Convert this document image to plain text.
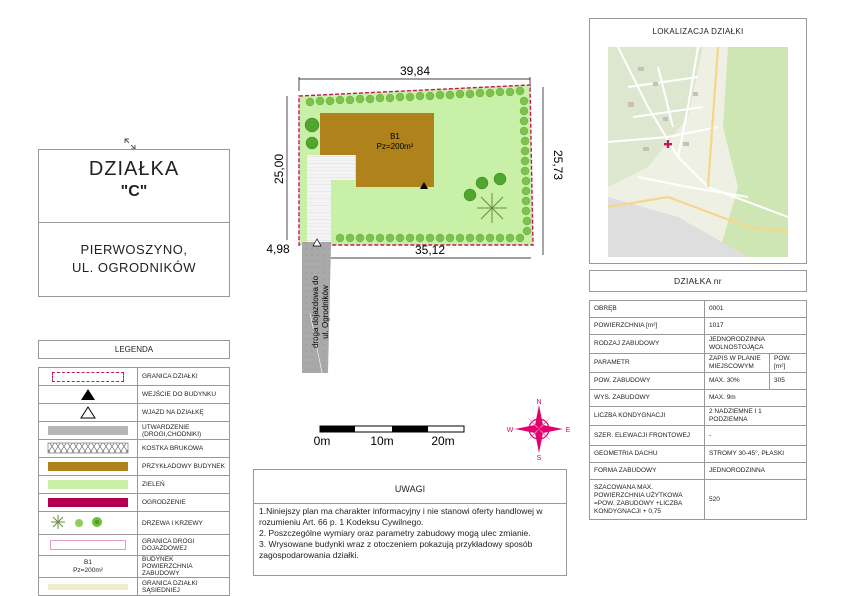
DZIAŁKA
"C"
PIERWOSZYNO,
UL. OGRODNIKÓW
LEGENDA
	GRANICA DZIAŁKI
	WEJŚCIE DO BUDYNKU
	WJAZD NA DZIAŁKĘ

	UTWARDZENIE (DROGI,CHODNIKI)
	KOSTKA BRUKOWA

	PRZYKŁADOWY BUDYNEK

	ZIELEŃ

	OGRODZENIE
	DRZEWA I KRZEWY

	GRANICA DROGI DOJAZDOWEJ

B1
Pz=200m²	BUDYNEK POWIERZCHNIA ZABUDOWY

	GRANICA DZIAŁKI SĄSIEDNIEJ
B1
Pz=200m²
39,84
25,00	25,73
35,12
4,98
droga dojazdowa do ul. Ogrodników
0m	10m	20m
N
S
E
W
UWAGI

1.Niniejszy plan ma charakter informacyjny i nie stanowi oferty handlowej w rozumieniu Art. 66 p. 1 Kodeksu Cywilnego.

2. Poszczególne wymiary oraz parametry zabudowy mogą ulec zmianie.

3. Wrysowane budynki wraz z otoczeniem pokazują przykładowy sposób zagospodarowania działki.

LOKALIZACJA DZIAŁKI
DZIAŁKA nr
OBRĘB	0001	
POWIERZCHNIA [m²]	1017	
RODZAJ ZABUDOWY	JEDNORODZINNA WOLNOSTOJĄCA	
PARAMETR	ZAPIS W PLANIE MIEJSCOWYM	POW. [m²]
POW. ZABUDOWY	MAX. 30%	305
WYS. ZABUDOWY	MAX. 9m	
LICZBA KONDYGNACJI	2 NADZIEMNE I 1 PODZIEMNA	
SZER. ELEWACJI FRONTOWEJ	-	
GEOMETRIA DACHU	STROMY 30-45°, PŁASKI	
FORMA ZABUDOWY	JEDNORODZINNA	
SZACOWANA MAX. POWIERZCHNIA UŻYTKOWA =POW. ZABUDOWY +LICZBA KONDYGNACJI + 0,75	520	
